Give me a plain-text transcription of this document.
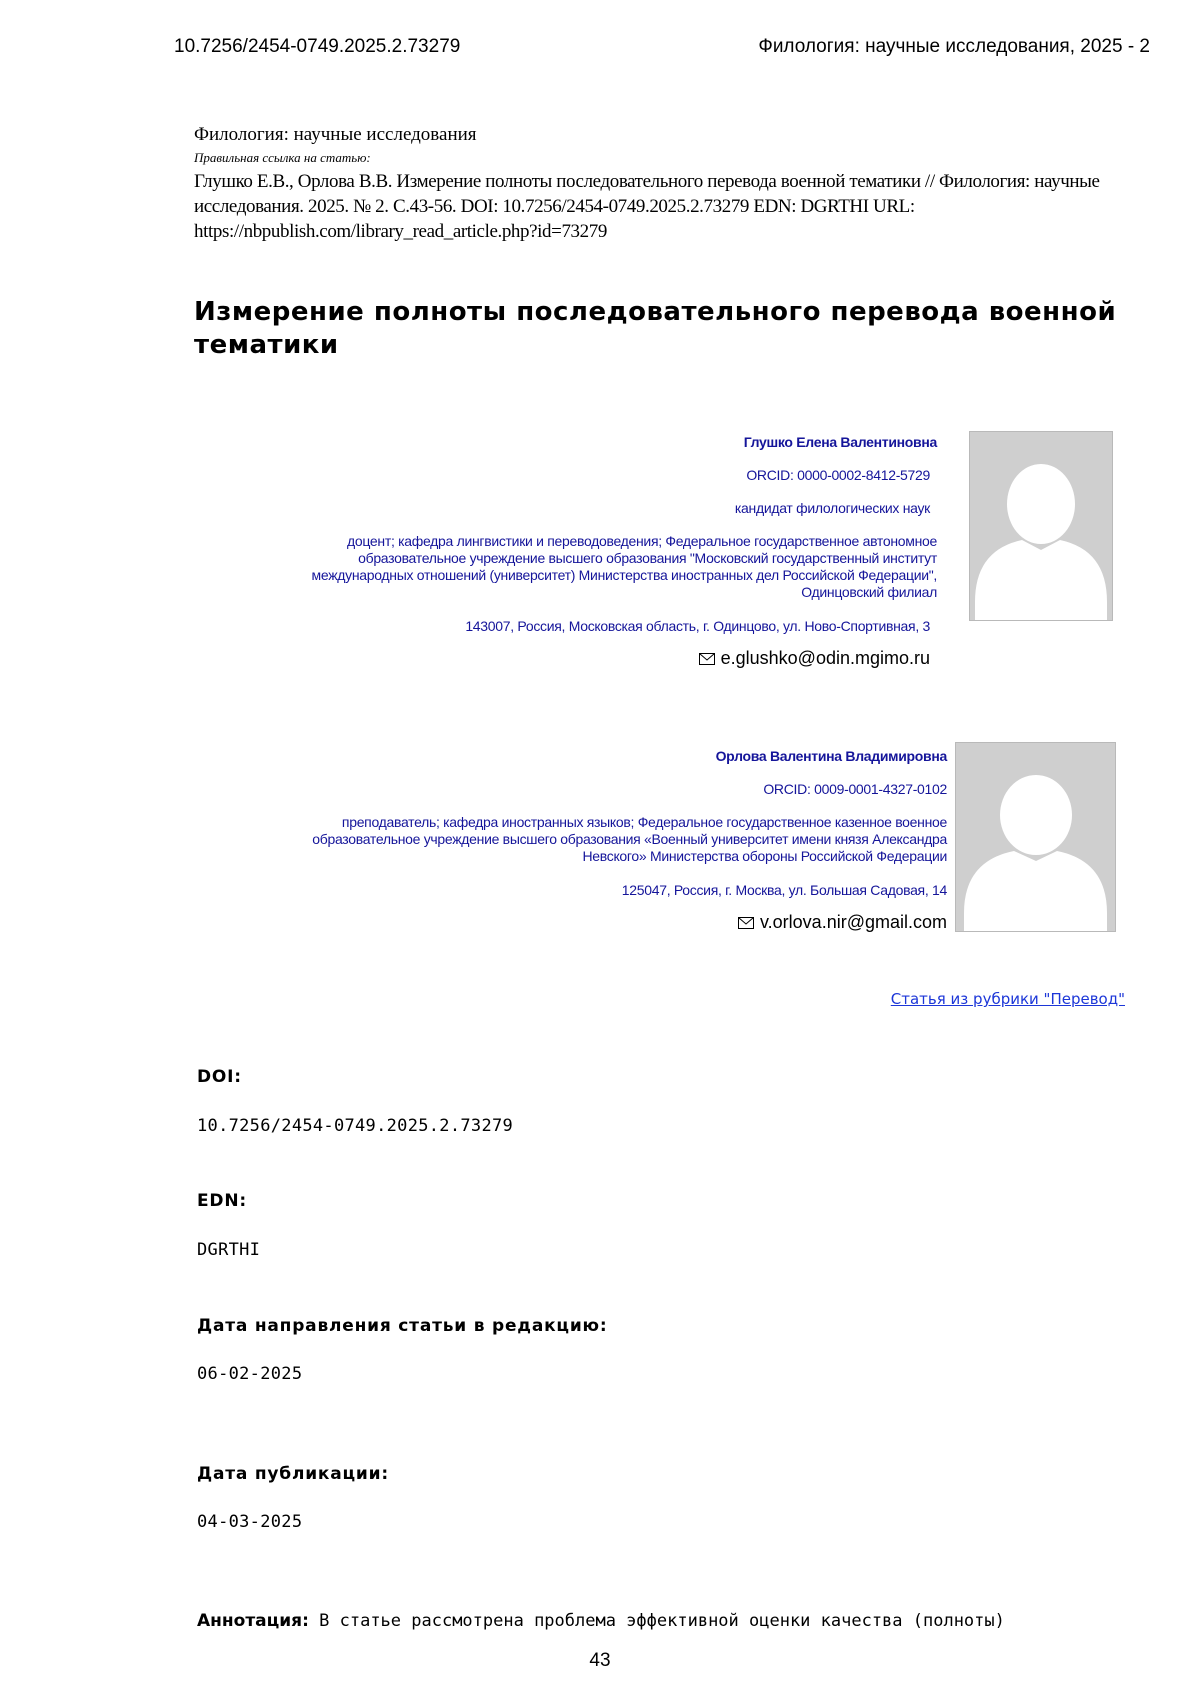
10.7256/2454-0749.2025.2.73279	Филология: научные исследования, 2025 - 2
Филология: научные исследования
Правильная ссылка на статью:
Глушко Е.В., Орлова В.В. Измерение полноты последовательного перевода военной тематики // Филология: научные исследования. 2025. № 2. С.43-56. DOI: 10.7256/2454-0749.2025.2.73279 EDN: DGRTHI URL: https://nbpublish.com/library_read_article.php?id=73279
Измерение полноты последовательного перевода военной тематики

Глушко Елена Валентиновна

ORCID: 0000-0002-8412-5729

кандидат филологических наук

доцент; кафедра лингвистики и переводоведения; Федеральное государственное автономное образовательное учреждение высшего образования "Московский государственный институт международных отношений (университет) Министерства иностранных дел Российской Федерации", Одинцовский филиал

143007, Россия, Московская область, г. Одинцово, ул. Ново-Спортивная, 3

e.glushko@odin.mgimo.ru

Орлова Валентина Владимировна

ORCID: 0009-0001-4327-0102

преподаватель; кафедра иностранных языков; Федеральное государственное казенное военное образовательное учреждение высшего образования «Военный университет имени князя Александра Невского» Министерства обороны Российской Федерации

125047, Россия, г. Москва, ул. Большая Садовая, 14

v.orlova.nir@gmail.com

Статья из рубрики "Перевод"
DOI:
10.7256/2454-0749.2025.2.73279
EDN:
DGRTHI
Дата направления статьи в редакцию:
06-02-2025
Дата публикации:
04-03-2025
Аннотация: В статье рассмотрена проблема эффективной оценки качества (полноты)
43
